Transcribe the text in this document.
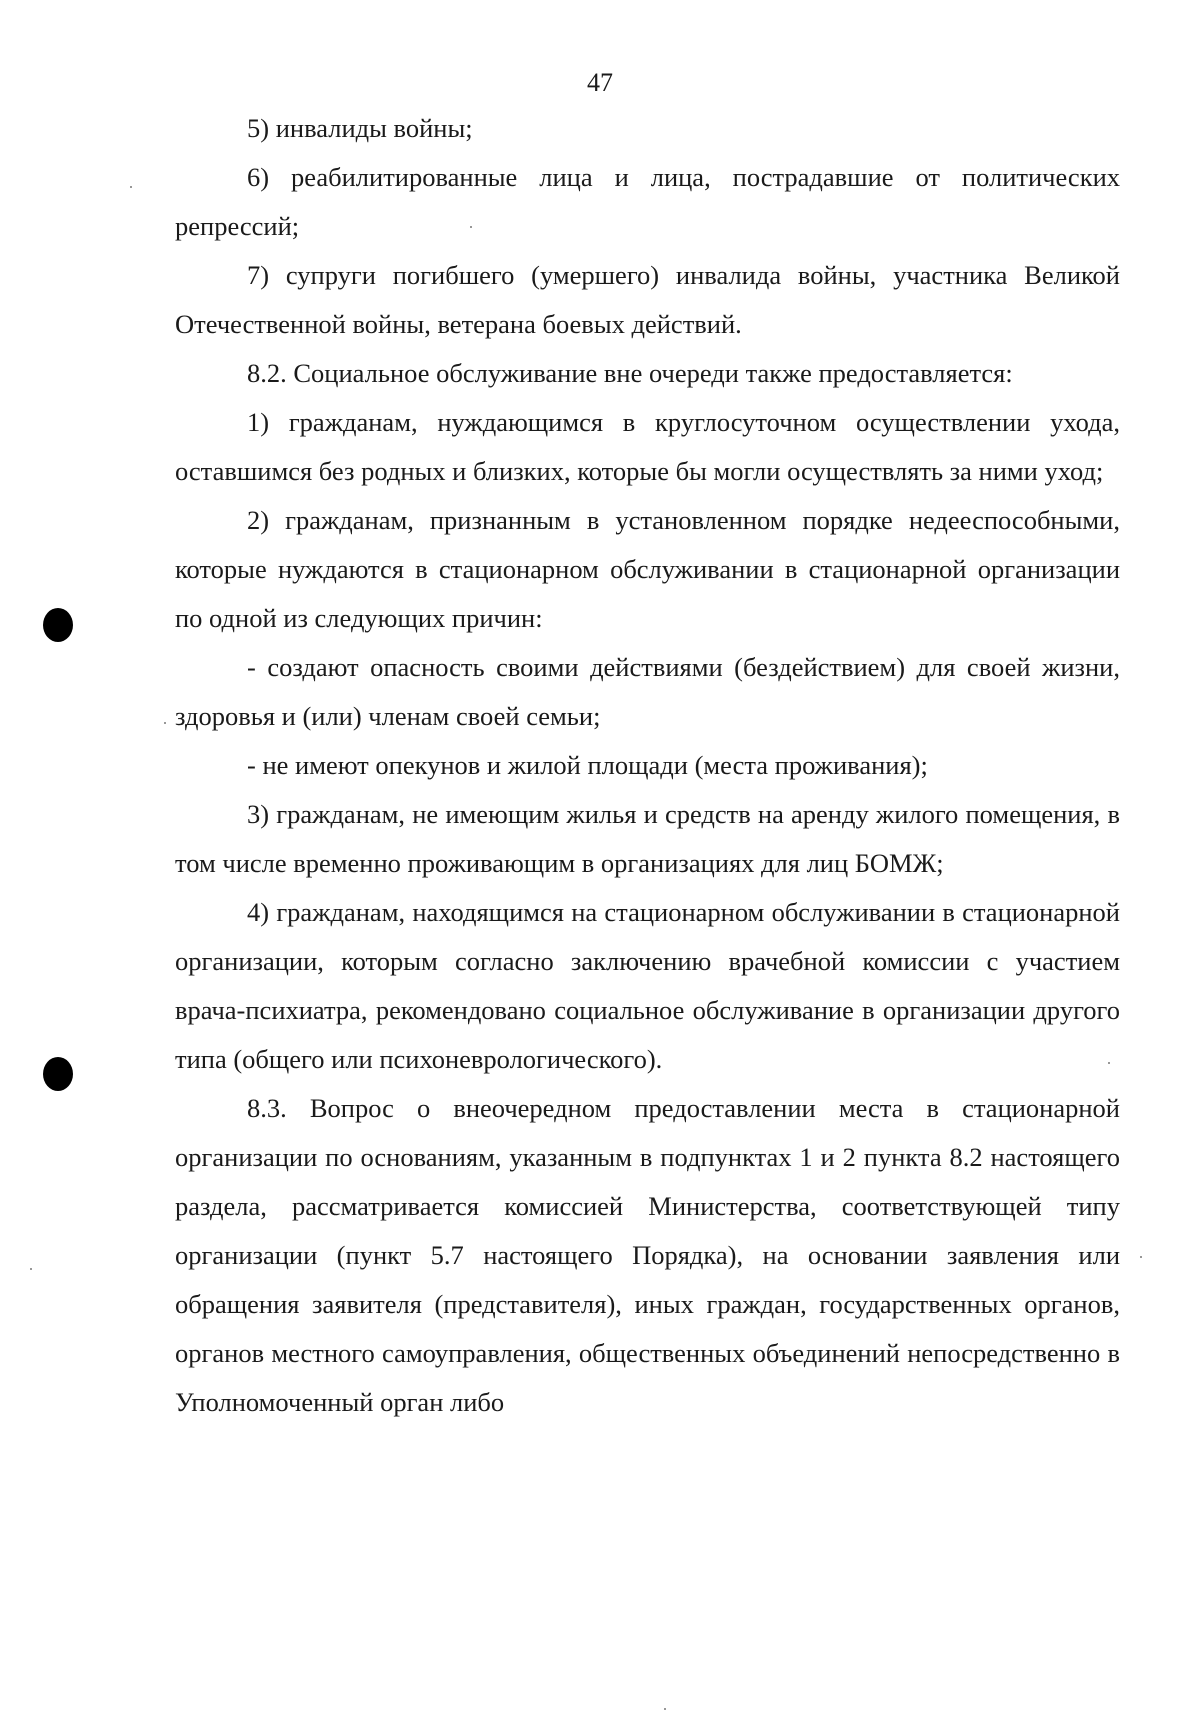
47

5) инвалиды войны;

6) реабилитированные лица и лица, пострадавшие от политических репрессий;

7) супруги погибшего (умершего) инвалида войны, участника Великой Отечественной войны, ветерана боевых действий.

8.2. Социальное обслуживание вне очереди также предоставляется:

1) гражданам, нуждающимся в круглосуточном осуществлении ухода, оставшимся без родных и близких, которые бы могли осуществлять за ними уход;

2) гражданам, признанным в установленном порядке недееспособными, которые нуждаются в стационарном обслуживании в стационарной организации по одной из следующих причин:

- создают опасность своими действиями (бездействием) для своей жизни, здоровья и (или) членам своей семьи;

- не имеют опекунов и жилой площади (места проживания);

3) гражданам, не имеющим жилья и средств на аренду жилого помещения, в том числе временно проживающим в организациях для лиц БОМЖ;

4) гражданам, находящимся на стационарном обслуживании в стационарной организации, которым согласно заключению врачебной комиссии с участием врача-психиатра, рекомендовано социальное обслуживание в организации другого типа (общего или психоневрологического).

8.3. Вопрос о внеочередном предоставлении места в стационарной организации по основаниям, указанным в подпунктах 1 и 2 пункта 8.2 настоящего раздела, рассматривается комиссией Министерства, соответствующей типу организации (пункт 5.7 настоящего Порядка), на основании заявления или обращения заявителя (представителя), иных граждан, государственных органов, органов местного самоуправления, общественных объединений непосредственно в Уполномоченный орган либо
